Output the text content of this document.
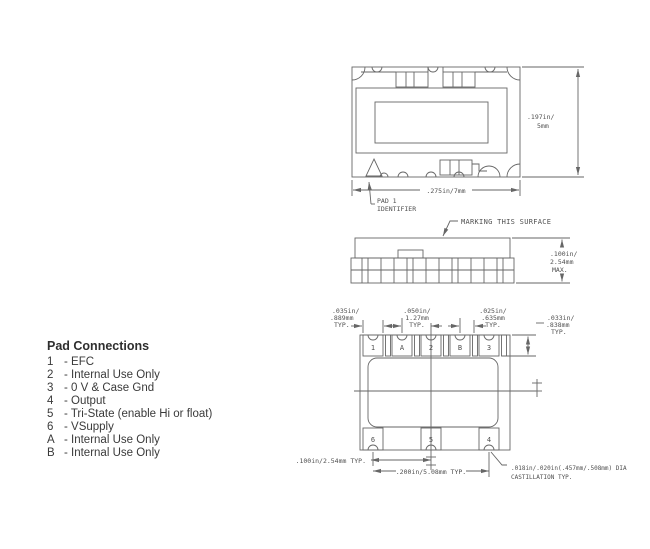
.197in/
5mm
.275in/7mm
PAD 1
IDENTIFIER
.100in/
2.54mm
MAX.
MARKING THIS SURFACE
1	A	2	B	3
6	5	4
.035in/
.889mm
TYP.
.050in/
1.27mm
TYP.
.025in/
.635mm
TYP.
.033in/
.838mm
TYP.
.100in/2.54mm TYP.
.200in/5.08mm TYP.	.018in/.020in(.457mm/.508mm) DIA
CASTILLATION TYP.
Pad Connections
1 - EFC
2 - Internal Use Only
3 - 0 V & Case Gnd
4 - Output
5 - Tri-State (enable Hi or float)
6 - VSupply
A - Internal Use Only
B - Internal Use Only
